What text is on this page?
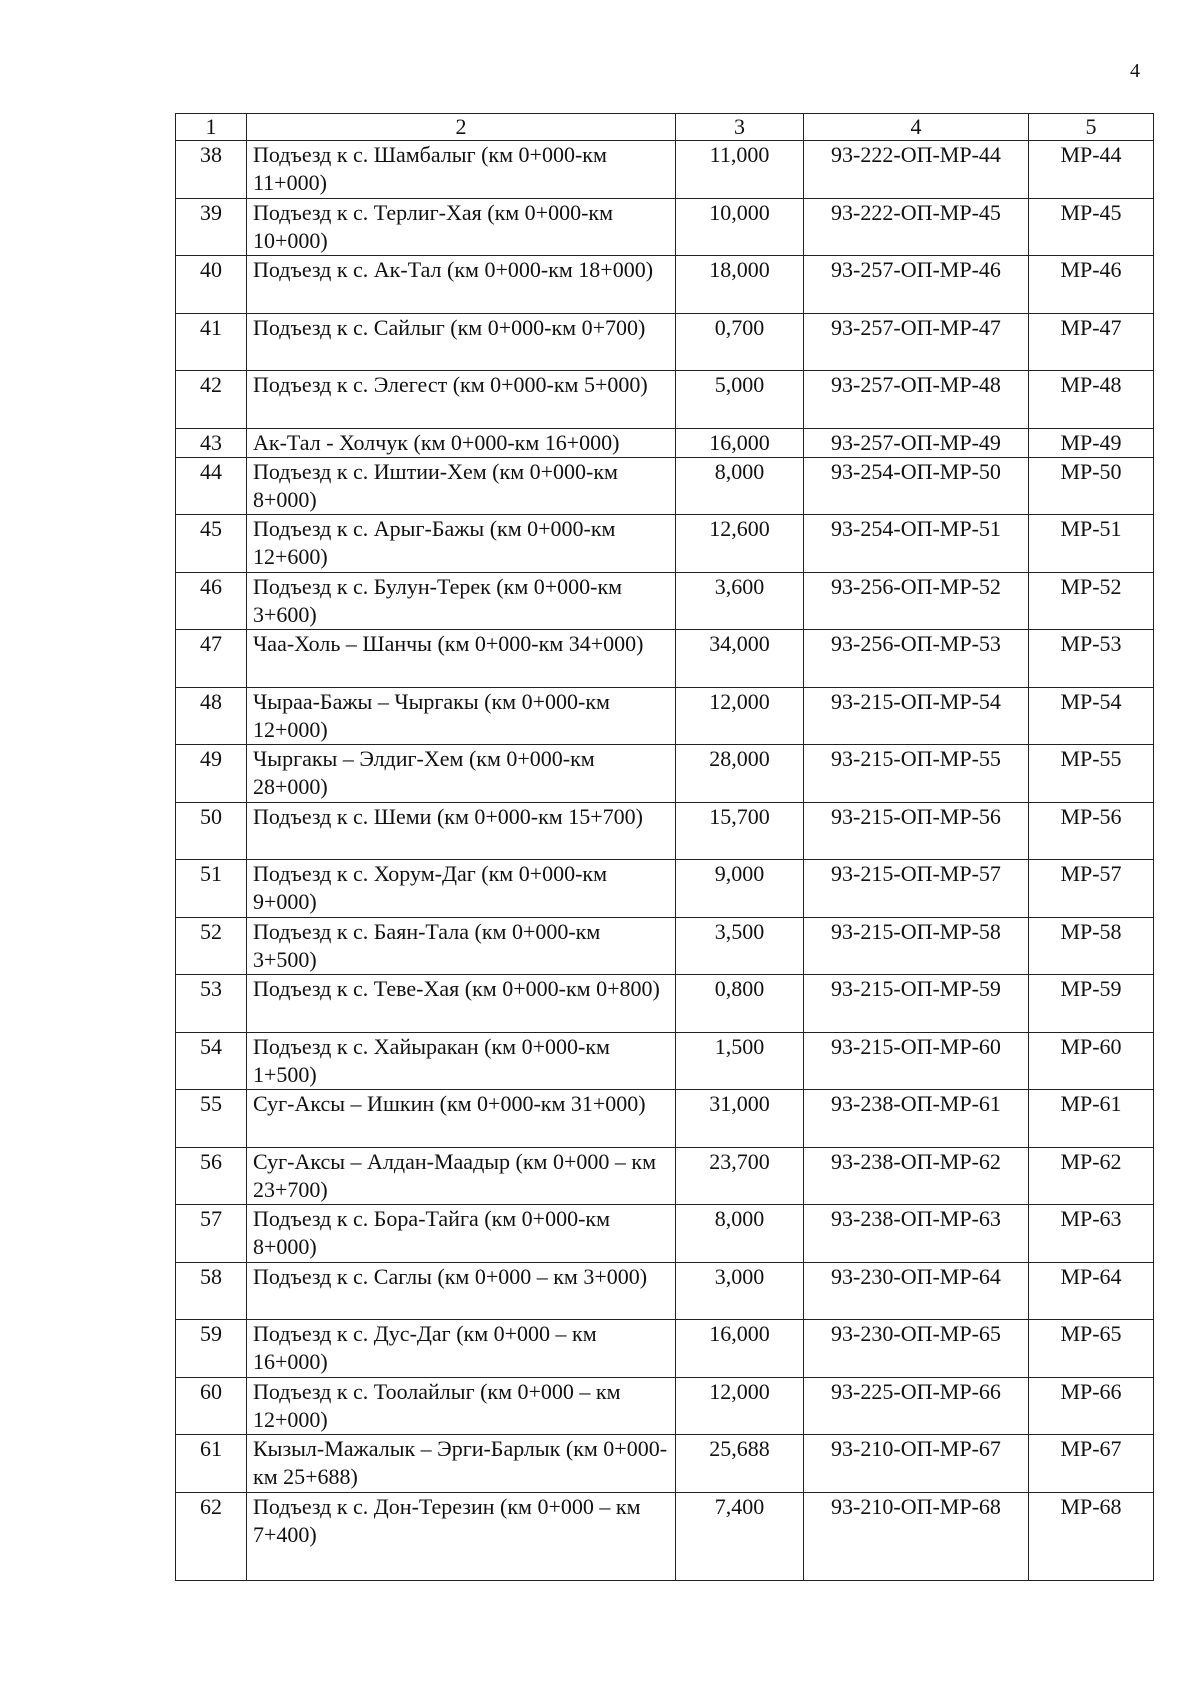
4
1	2	3	4	5
38	Подъезд к с. Шамбалыг (км 0+000-км 11+000)	11,000	93-222-ОП-МР-44	МР-44
39	Подъезд к с. Терлиг-Хая (км 0+000-км 10+000)	10,000	93-222-ОП-МР-45	МР-45
40	Подъезд к с. Ак-Тал (км 0+000-км 18+000)	18,000	93-257-ОП-МР-46	МР-46
41	Подъезд к с. Сайлыг (км 0+000-км 0+700)	0,700	93-257-ОП-МР-47	МР-47
42	Подъезд к с. Элегест (км 0+000-км 5+000)	5,000	93-257-ОП-МР-48	МР-48
43	Ак-Тал - Холчук (км 0+000-км 16+000)	16,000	93-257-ОП-МР-49	МР-49
44	Подъезд к с. Иштии-Хем (км 0+000-км 8+000)	8,000	93-254-ОП-МР-50	МР-50
45	Подъезд к с. Арыг-Бажы (км 0+000-км 12+600)	12,600	93-254-ОП-МР-51	МР-51
46	Подъезд к с. Булун-Терек (км 0+000-км 3+600)	3,600	93-256-ОП-МР-52	МР-52
47	Чаа-Холь – Шанчы (км 0+000-км 34+000)	34,000	93-256-ОП-МР-53	МР-53
48	Чыраа-Бажы – Чыргакы (км 0+000-км 12+000)	12,000	93-215-ОП-МР-54	МР-54
49	Чыргакы – Элдиг-Хем (км 0+000-км 28+000)	28,000	93-215-ОП-МР-55	МР-55
50	Подъезд к с. Шеми (км 0+000-км 15+700)	15,700	93-215-ОП-МР-56	МР-56
51	Подъезд к с. Хорум-Даг (км 0+000-км 9+000)	9,000	93-215-ОП-МР-57	МР-57
52	Подъезд к с. Баян-Тала (км 0+000-км 3+500)	3,500	93-215-ОП-МР-58	МР-58
53	Подъезд к с. Теве-Хая (км 0+000-км 0+800)	0,800	93-215-ОП-МР-59	МР-59
54	Подъезд к с. Хайыракан (км 0+000-км 1+500)	1,500	93-215-ОП-МР-60	МР-60
55	Суг-Аксы – Ишкин (км 0+000-км 31+000)	31,000	93-238-ОП-МР-61	МР-61
56	Суг-Аксы – Алдан-Маадыр (км 0+000 – км 23+700)	23,700	93-238-ОП-МР-62	МР-62
57	Подъезд к с. Бора-Тайга (км 0+000-км 8+000)	8,000	93-238-ОП-МР-63	МР-63
58	Подъезд к с. Саглы (км 0+000 – км 3+000)	3,000	93-230-ОП-МР-64	МР-64
59	Подъезд к с. Дус-Даг (км 0+000 – км 16+000)	16,000	93-230-ОП-МР-65	МР-65
60	Подъезд к с. Тоолайлыг (км 0+000 – км 12+000)	12,000	93-225-ОП-МР-66	МР-66
61	Кызыл-Мажалык – Эрги-Барлык (км 0+000-км 25+688)	25,688	93-210-ОП-МР-67	МР-67
62	Подъезд к с. Дон-Терезин (км 0+000 – км 7+400)	7,400	93-210-ОП-МР-68	МР-68
